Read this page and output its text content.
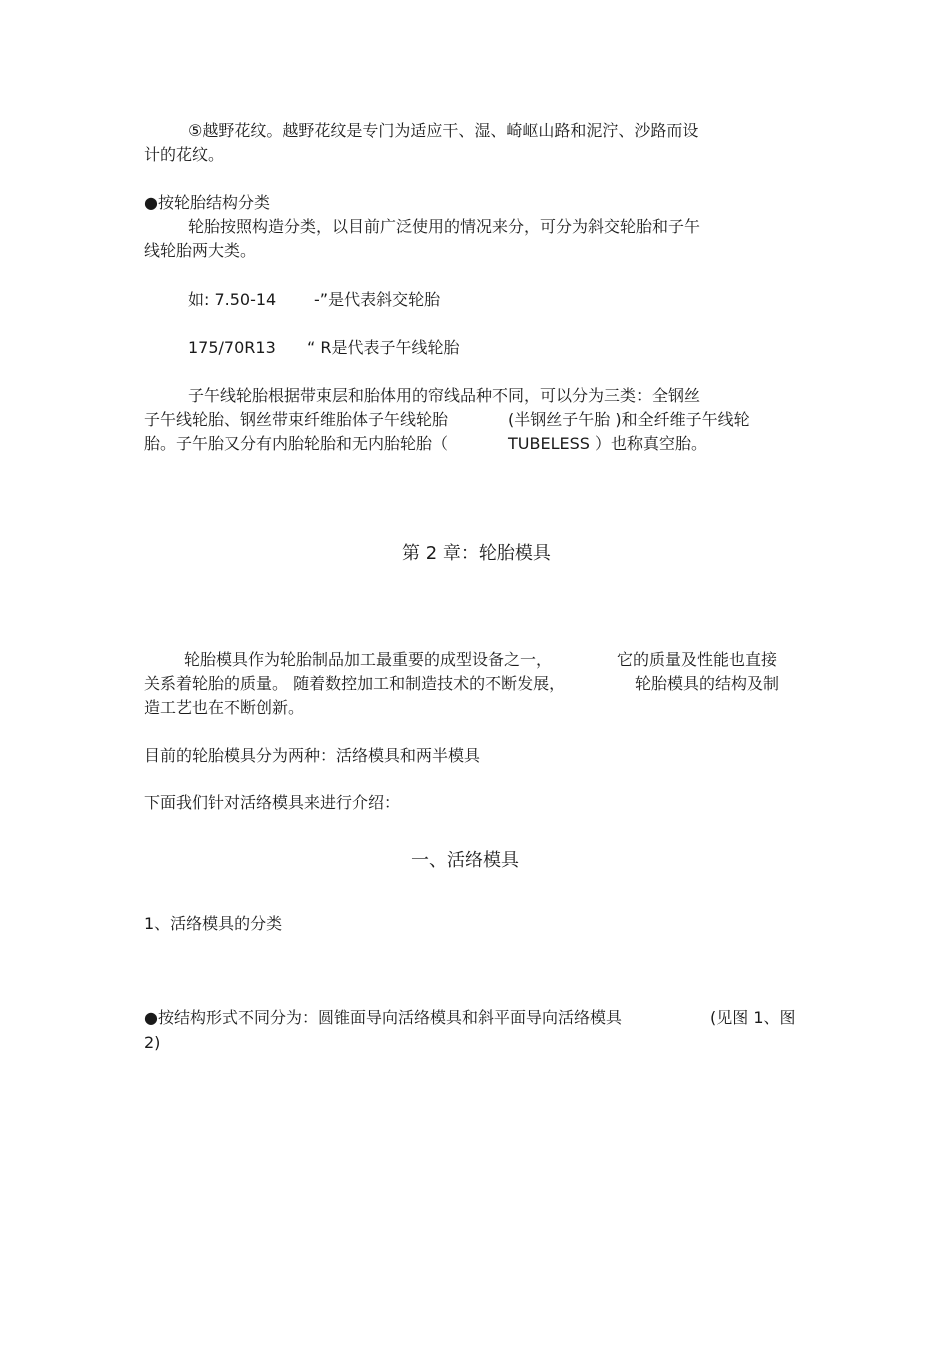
⑤越野花纹。越野花纹是专门为适应干、湿、崎岖山路和泥泞、沙路而设
计的花纹。
●按轮胎结构分类
轮胎按照构造分类，以目前广泛使用的情况来分，可分为斜交轮胎和子午
线轮胎两大类。
如: 7.50-14 -”是代表斜交轮胎
175/70R13 “ R是代表子午线轮胎
子午线轮胎根据带束层和胎体用的帘线品种不同，可以分为三类：全钢丝
子午线轮胎、钢丝带束纤维胎体子午线轮胎	(半钢丝子午胎 )和全纤维子午线轮
胎。子午胎又分有内胎轮胎和无内胎轮胎（	TUBELESS ）也称真空胎。
第 2 章：轮胎模具
轮胎模具作为轮胎制品加工最重要的成型设备之一，	它的质量及性能也直接
关系着轮胎的质量。 随着数控加工和制造技术的不断发展，	轮胎模具的结构及制
造工艺也在不断创新。
目前的轮胎模具分为两种：活络模具和两半模具
下面我们针对活络模具来进行介绍：
一、活络模具
1、活络模具的分类
●按结构形式不同分为：圆锥面导向活络模具和斜平面导向活络模具	(见图 1、图
2)
